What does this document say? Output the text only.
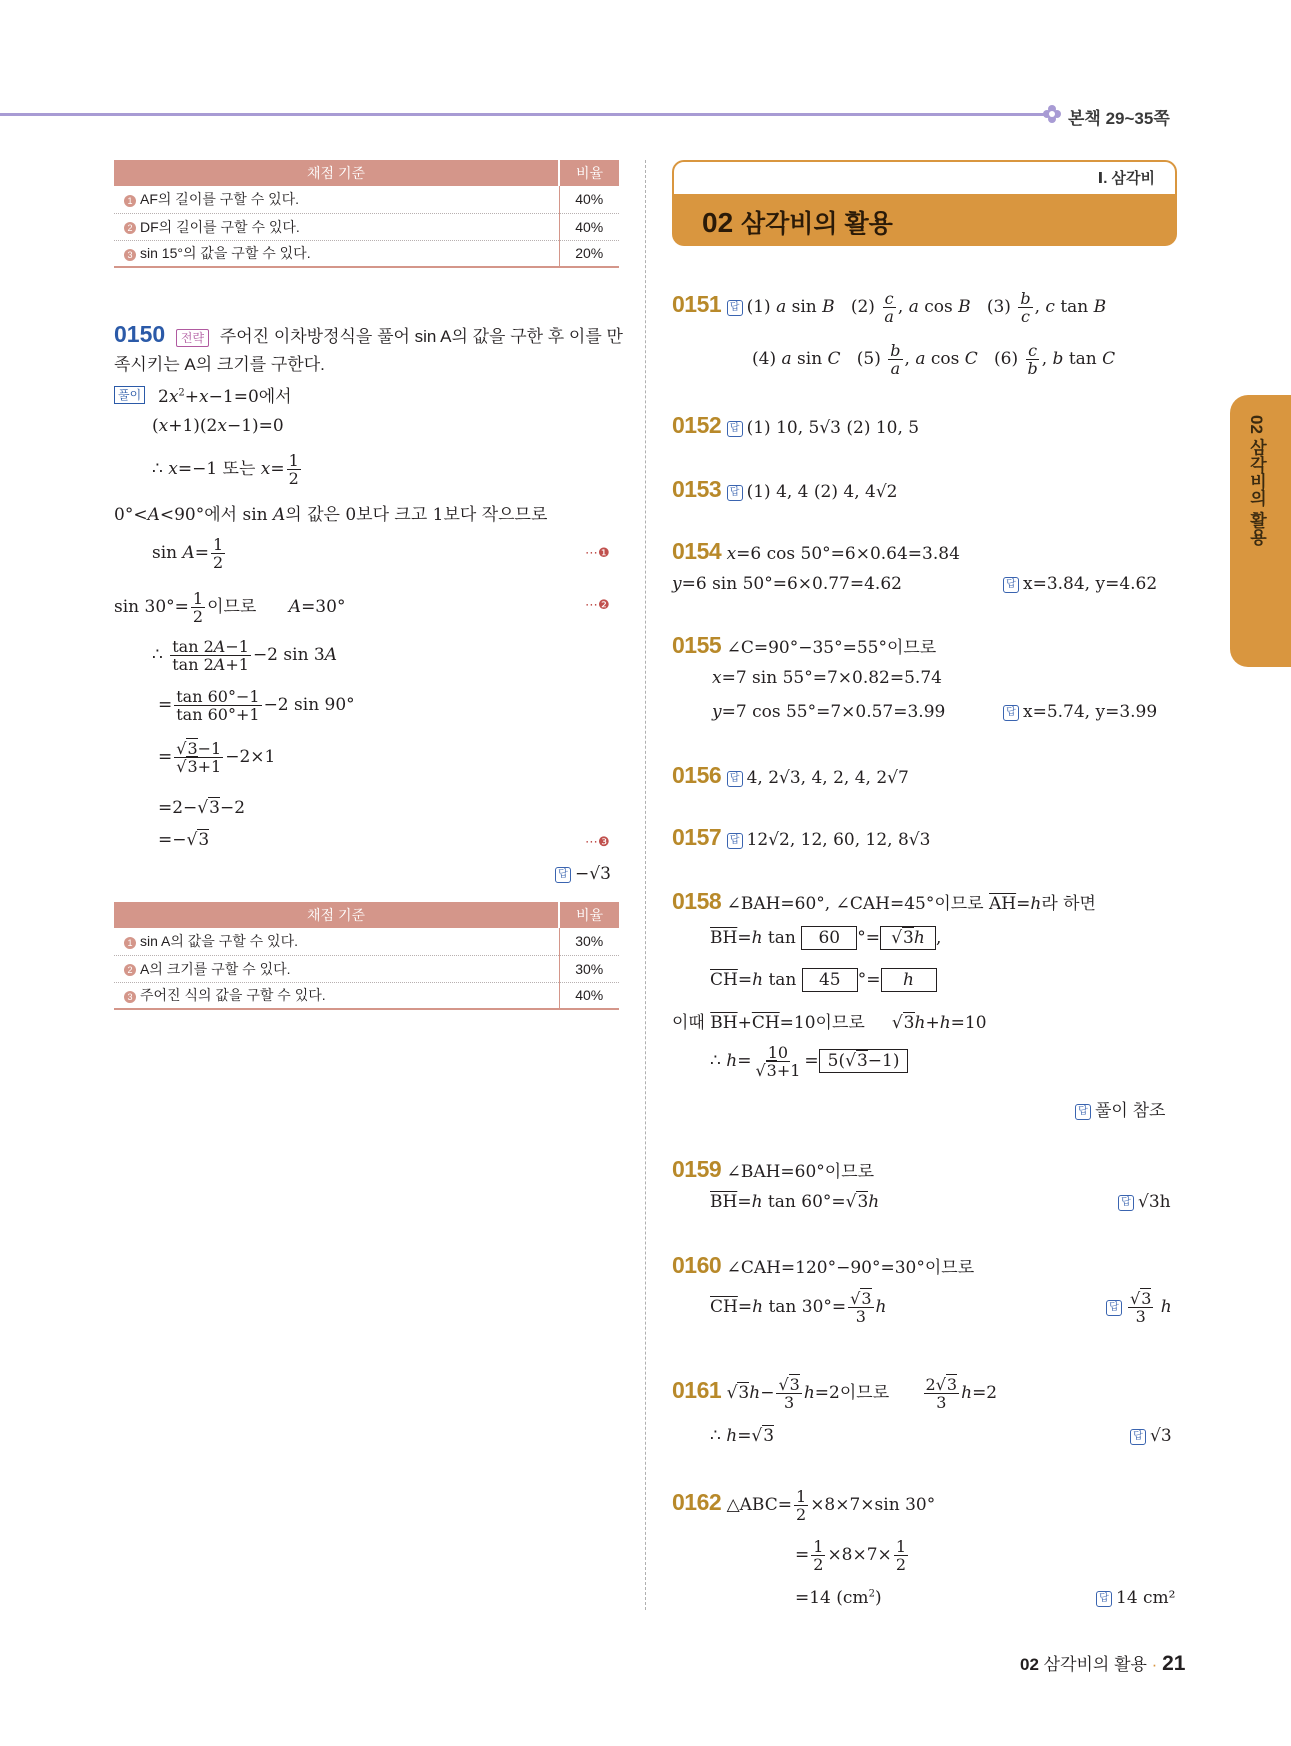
본책 29~35쪽
02 삼각비의 활용
채점 기준	비율
1 AF의 길이를 구할 수 있다.	40%
2 DF의 길이를 구할 수 있다.	40%
3 sin 15°의 값을 구할 수 있다.	20%
0150 전략 주어진 이차방정식을 풀어 sin A의 값을 구한 후 이를 만족시키는 A의 크기를 구한다.
풀이 $2x^2+x-1=0$에서
(x+1)(2x−1)=0
∴ x=−1 또는 $x= \frac{1}{2}$
0°<A<90°에서 sin A의 값은 0보다 크고 1보다 작으므로
$\sin A= \frac{1}{2}$	⋯❶
$\sin 30^\circ= \frac{1}{2}$ 이므로      A=30°	⋯❷
∴ $\frac{\tan 2A-1}{\tan 2A+1} -2$ sin 3A
= $\frac{\tan 60^\circ-1}{\tan 60^\circ+1} -2$ sin 90°
= $\frac{√3-1}{√3+1} -2\times 1$
=2−√3−2
=−√3	⋯❸
답 −√3
채점 기준	비율
1 sin A의 값을 구할 수 있다.	30%
2 A의 크기를 구할 수 있다.	30%
3 주어진 식의 값을 구할 수 있다.	40%
Ⅰ. 삼각비
02 삼각비의 활용
0151 답 (1) a sin B   $(2) \frac{c}{a}$ , a cos B   $(3) \frac{b}{c}$ , c tan B
(4) a sin C   $(5) \frac{b}{a}$ , a cos C   $(6) \frac{c}{b}$ , b tan C
0152 답 (1) 10, 5√3 (2) 10, 5
0153 답 (1) 4, 4 (2) 4, 4√2
0154 x=6 cos 50°=6×0.64=3.84
y=6 sin 50°=6×0.77=4.62	답 x=3.84, y=4.62
0155 ∠C=90°−35°=55°이므로
x=7 sin 55°=7×0.82=5.74
y=7 cos 55°=7×0.57=3.99	답 x=5.74, y=3.99
0156 답 4, 2√3, 4, 2, 4, 2√7
0157 답 12√2, 12, 60, 12, 8√3
0158 ∠BAH=60°, ∠CAH=45°이므로 $\overline{AH}=h$라 하면
$\overline{BH}=h$ tan 60 °= √3h ,
$\overline{CH}=h$ tan 45 °= h
이때 $\overline{BH}+\overline{CH}=10$이므로     √3h+h=10
∴ $h= \frac{10}{√3+1} = 5(√3-1)$
답 풀이 참조
0159 ∠BAH=60°이므로
$\overline{BH}=h$ tan 60°=√3h	답 √3h
0160 ∠CAH=120°−90°=30°이므로
$\overline{CH}=h$ $\tan 30^\circ= \frac{√3}{3}$ h	답 $\frac{√3}{3}$ h
0161 $√3h- \frac{√3}{3} h=2$이므로 $\frac{2√3}{3} h=2$
∴ h=√3	답 √3
0162 △ABC= $\frac{1}{2} \times 8\times 7\times\sin$ 30°
= $\frac{1}{2} \times 8\times 7\times \frac{1}{2}$
=14 $(cm^2)$	답 14 cm²
02 삼각비의 활용 · 21
